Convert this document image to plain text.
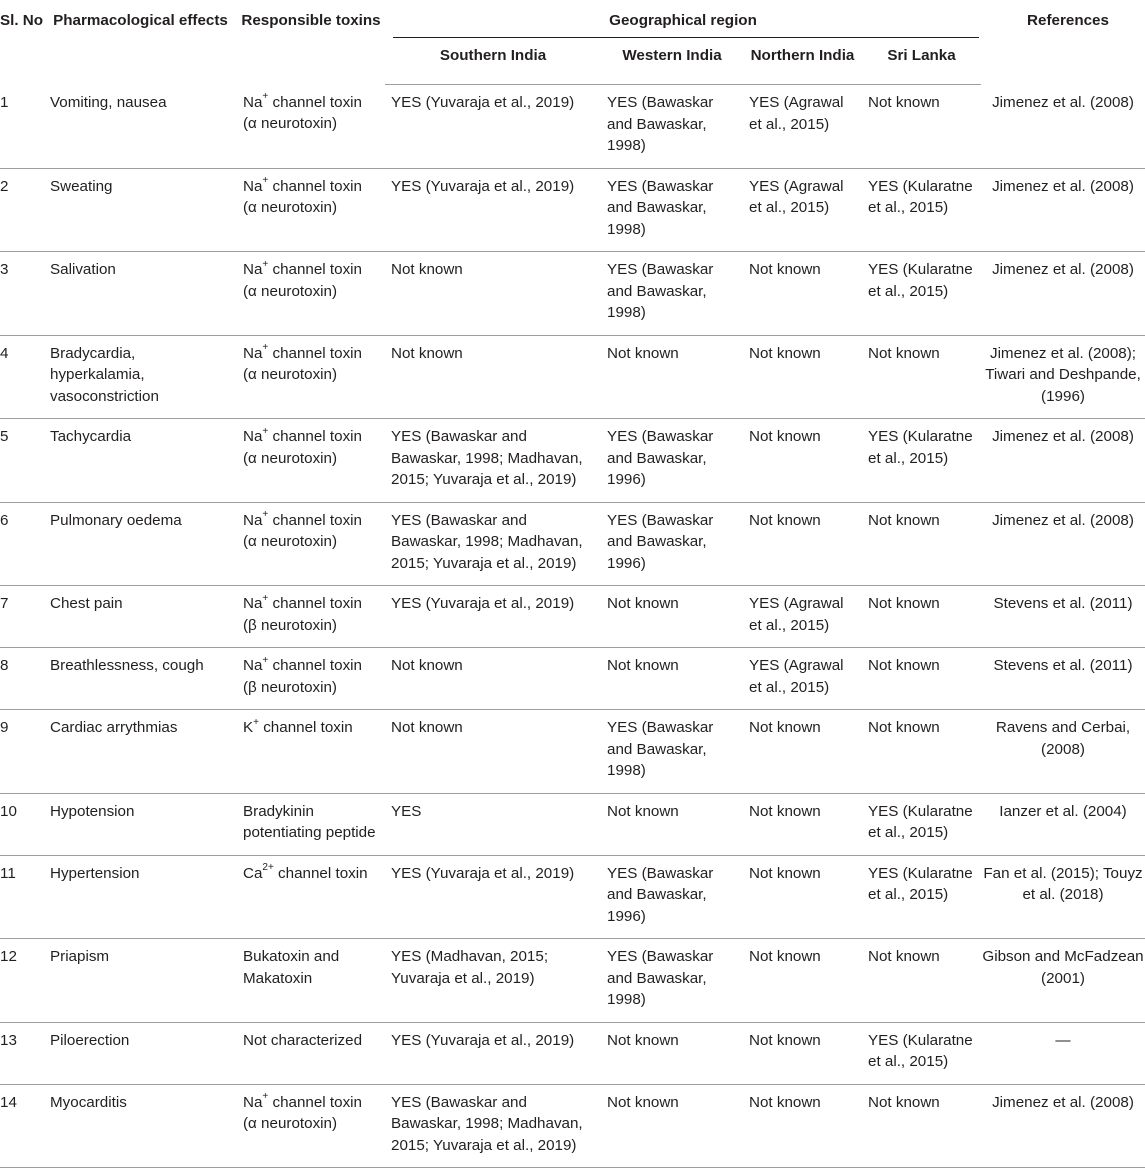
Sl. No	Pharmacological effects	Responsible toxins	Geographical region				References
			Southern India	Western India	Northern India	Sri Lanka	
1	Vomiting, nausea	Na+ channel toxin (α neurotoxin)	YES (Yuvaraja et al., 2019)	YES (Bawaskar and Bawaskar, 1998)	YES (Agrawal et al., 2015)	Not known	Jimenez et al. (2008)
2	Sweating	Na+ channel toxin (α neurotoxin)	YES (Yuvaraja et al., 2019)	YES (Bawaskar and Bawaskar, 1998)	YES (Agrawal et al., 2015)	YES (Kularatne et al., 2015)	Jimenez et al. (2008)
3	Salivation	Na+ channel toxin (α neurotoxin)	Not known	YES (Bawaskar and Bawaskar, 1998)	Not known	YES (Kularatne et al., 2015)	Jimenez et al. (2008)
4	Bradycardia, hyperkalamia, vasoconstriction	Na+ channel toxin (α neurotoxin)	Not known	Not known	Not known	Not known	Jimenez et al. (2008); Tiwari and Deshpande, (1996)
5	Tachycardia	Na+ channel toxin (α neurotoxin)	YES (Bawaskar and Bawaskar, 1998; Madhavan, 2015; Yuvaraja et al., 2019)	YES (Bawaskar and Bawaskar, 1996)	Not known	YES (Kularatne et al., 2015)	Jimenez et al. (2008)
6	Pulmonary oedema	Na+ channel toxin (α neurotoxin)	YES (Bawaskar and Bawaskar, 1998; Madhavan, 2015; Yuvaraja et al., 2019)	YES (Bawaskar and Bawaskar, 1996)	Not known	Not known	Jimenez et al. (2008)
7	Chest pain	Na+ channel toxin (β neurotoxin)	YES (Yuvaraja et al., 2019)	Not known	YES (Agrawal et al., 2015)	Not known	Stevens et al. (2011)
8	Breathlessness, cough	Na+ channel toxin (β neurotoxin)	Not known	Not known	YES (Agrawal et al., 2015)	Not known	Stevens et al. (2011)
9	Cardiac arrythmias	K+ channel toxin	Not known	YES (Bawaskar and Bawaskar, 1998)	Not known	Not known	Ravens and Cerbai, (2008)
10	Hypotension	Bradykinin potentiating peptide	YES	Not known	Not known	YES (Kularatne et al., 2015)	Ianzer et al. (2004)
11	Hypertension	$Ca^{2+}$ channel toxin	YES (Yuvaraja et al., 2019)	YES (Bawaskar and Bawaskar, 1996)	Not known	YES (Kularatne et al., 2015)	Fan et al. (2015); Touyz et al. (2018)
12	Priapism	Bukatoxin and Makatoxin	YES (Madhavan, 2015; Yuvaraja et al., 2019)	YES (Bawaskar and Bawaskar, 1998)	Not known	Not known	Gibson and McFadzean (2001)
13	Piloerection	Not characterized	YES (Yuvaraja et al., 2019)	Not known	Not known	YES (Kularatne et al., 2015)	—
14	Myocarditis	Na+ channel toxin (α neurotoxin)	YES (Bawaskar and Bawaskar, 1998; Madhavan, 2015; Yuvaraja et al., 2019)	Not known	Not known	Not known	Jimenez et al. (2008)
